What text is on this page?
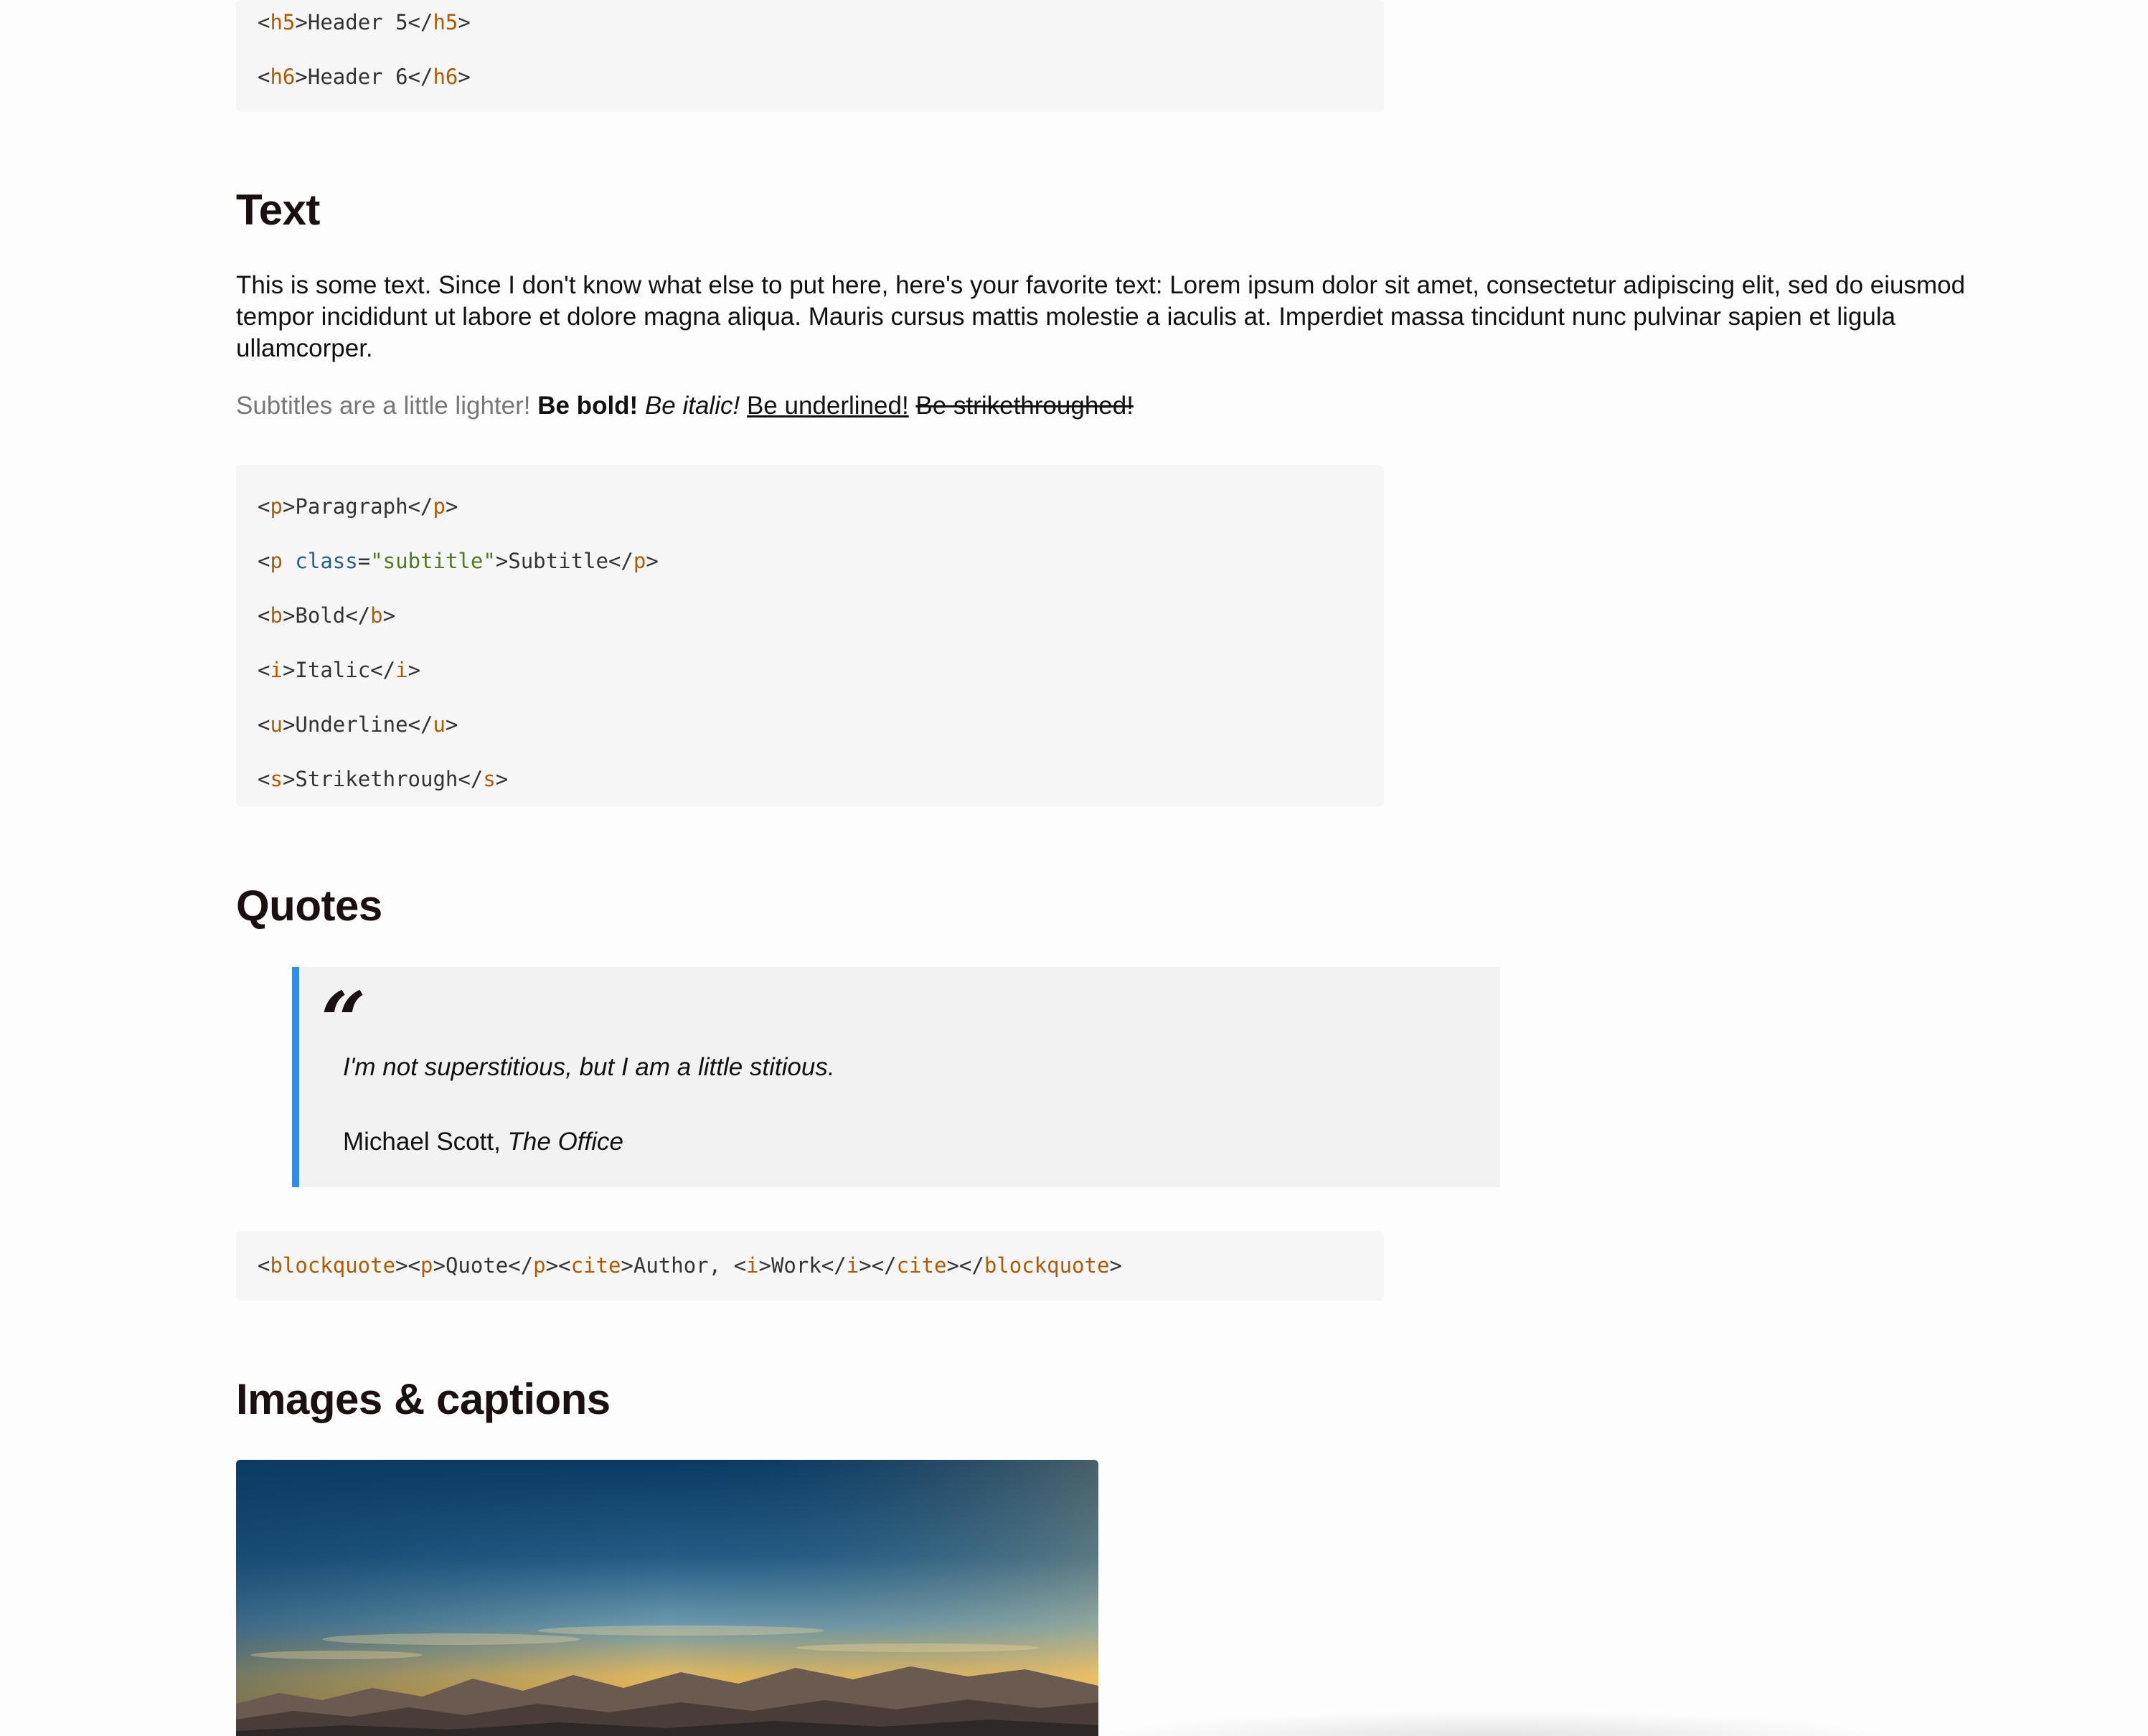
<h5>Header 5</h5>
<h6>Header 6</h6>
Text

This is some text. Since I don't know what else to put here, here's your favorite text: Lorem ipsum dolor sit amet, consectetur adipiscing elit, sed do eiusmod tempor incididunt ut labore et dolore magna aliqua. Mauris cursus mattis molestie a iaculis at. Imperdiet massa tincidunt nunc pulvinar sapien et ligula ullamcorper.

Subtitles are a little lighter! Be bold! Be italic! Be underlined! Be strikethroughed!

<p>Paragraph</p>
<p class="subtitle">Subtitle</p>
<b>Bold</b>
<i>Italic</i>
<u>Underline</u>
<s>Strikethrough</s>
Quotes
“

I'm not superstitious, but I am a little stitious.

Michael Scott, The Office
<blockquote><p>Quote</p><cite>Author, <i>Work</i></cite></blockquote>
Images & captions
